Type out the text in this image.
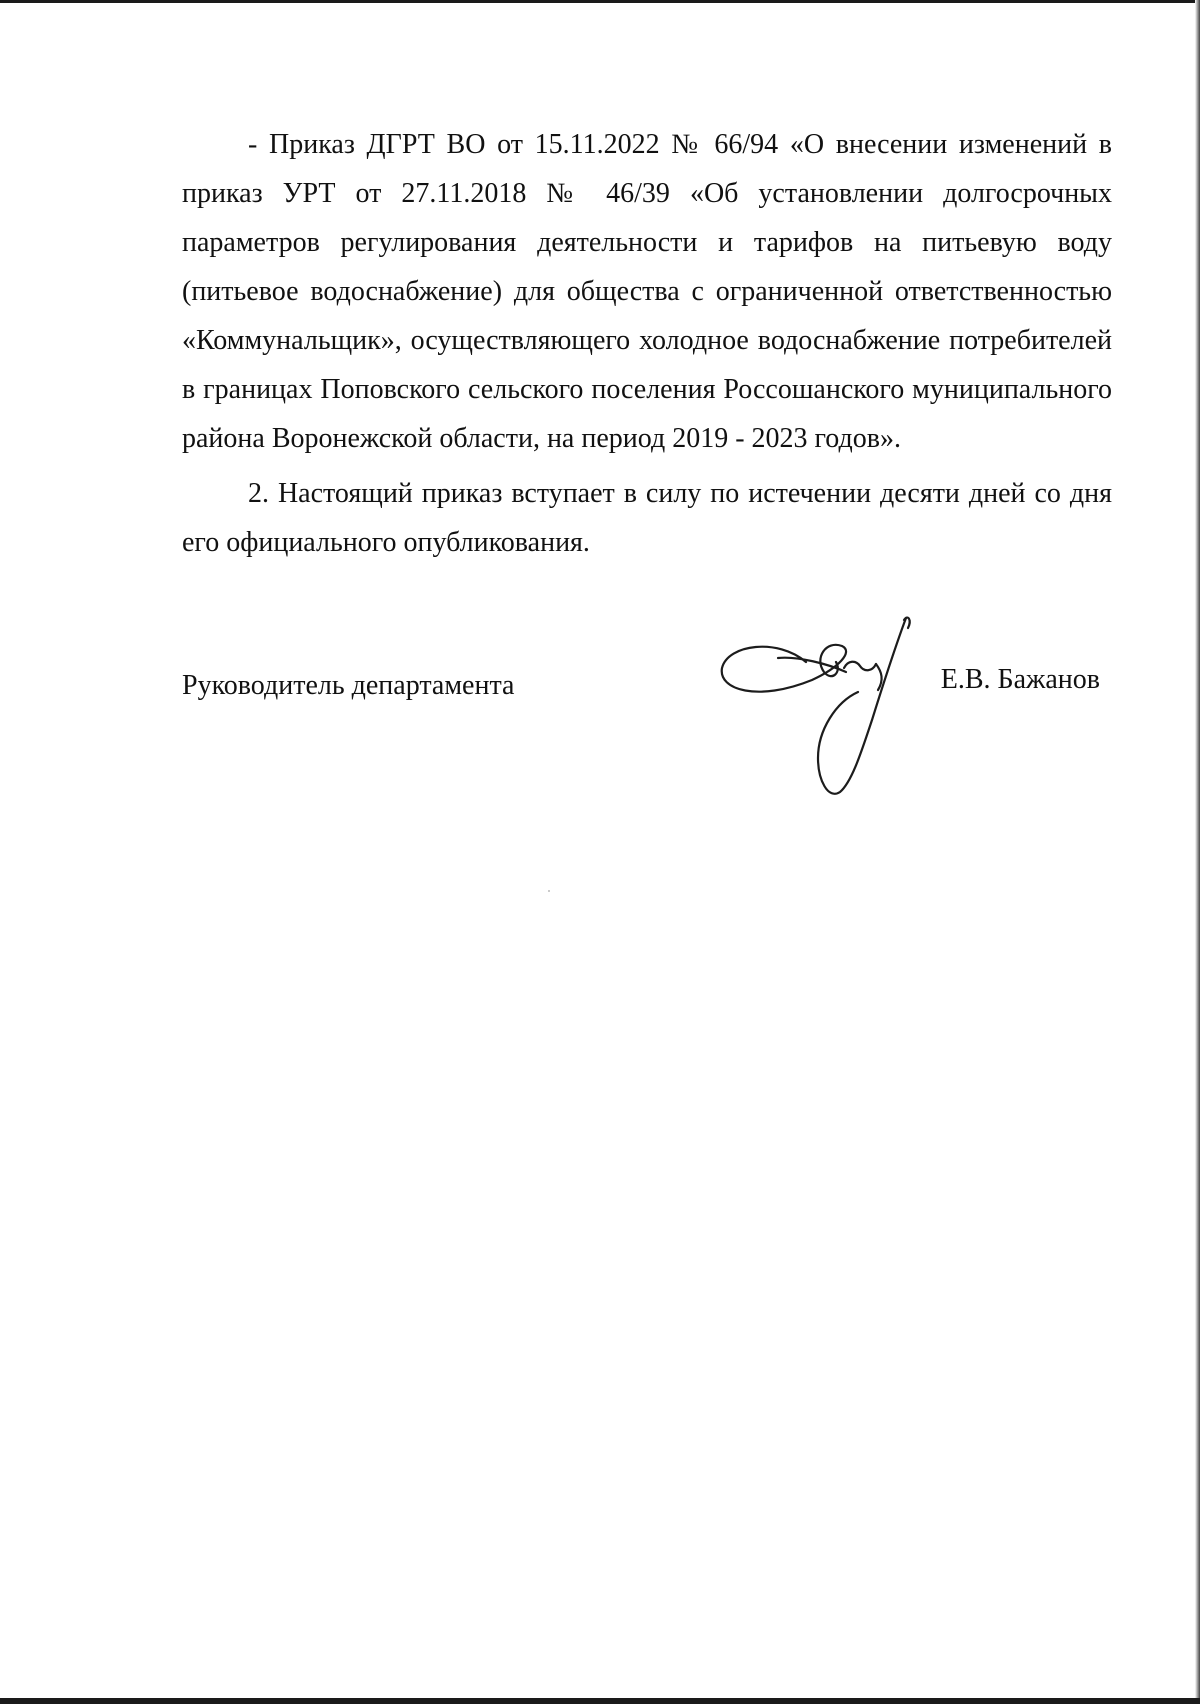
- Приказ ДГРТ ВО от 15.11.2022 № 66/94 «О внесении изменений в приказ УРТ от 27.11.2018 № 46/39 «Об установлении долгосрочных параметров регулирования деятельности и тарифов на питьевую воду (питьевое водоснабжение) для общества с ограниченной ответственностью «Коммунальщик», осуществляющего холодное водоснабжение потребителей в границах Поповского сельского поселения Россошанского муниципального района Воронежской области, на период 2019 - 2023 годов».

2. Настоящий приказ вступает в силу по истечении десяти дней со дня его официального опубликования.

Руководитель департамента	Е.В. Бажанов
